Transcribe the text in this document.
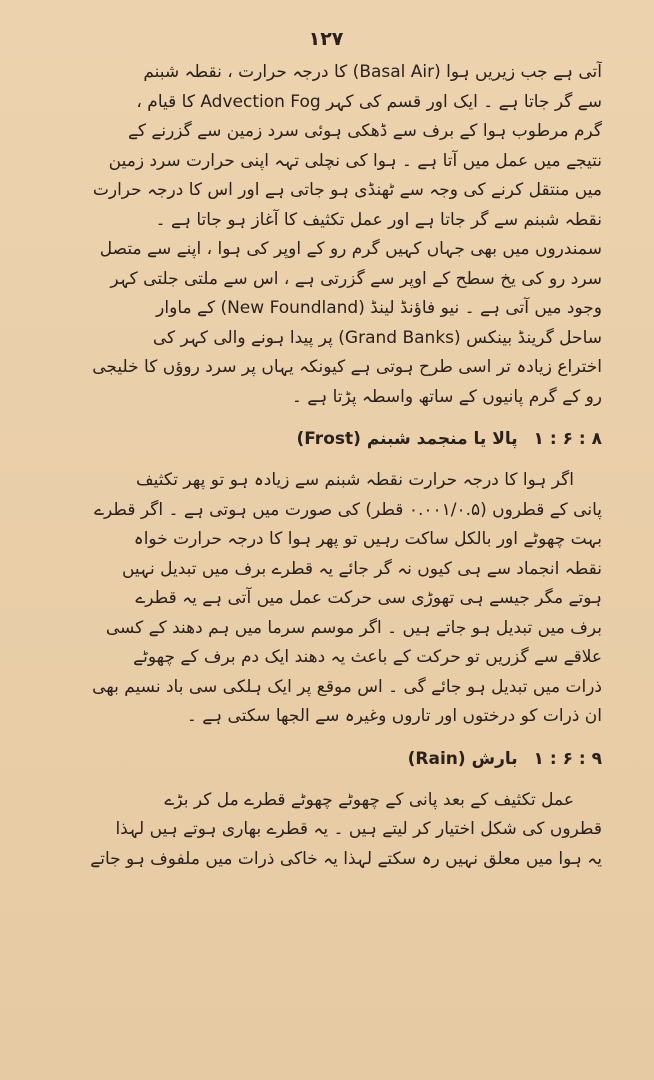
١٢٧
آتی ہے جب زیریں ہوا (Basal Air) کا درجہ حرارت ، نقطہ شبنم
سے گر جاتا ہے ۔ ایک اور قسم کی کہر Advection Fog کا قیام ،
گرم مرطوب ہوا کے برف سے ڈھکی ہوئی سرد زمین سے گزرنے کے
نتیجے میں عمل میں آتا ہے ۔ ہوا کی نچلی تہہ اپنی حرارت سرد زمین
میں منتقل کرنے کی وجہ سے ٹھنڈی ہو جاتی ہے اور اس کا درجہ حرارت
نقطہ شبنم سے گر جاتا ہے اور عمل تکثیف کا آغاز ہو جاتا ہے ۔
سمندروں میں بھی جہاں کہیں گرم رو کے اوپر کی ہوا ، اپنے سے متصل
سرد رو کی یخ سطح کے اوپر سے گزرتی ہے ، اس سے ملتی جلتی کہر
وجود میں آتی ہے ۔ نیو فاؤنڈ لینڈ (New Foundland) کے ماوار
ساحل گرینڈ بینکس (Grand Banks) پر پیدا ہونے والی کہر کی
اختراع زیادہ تر اسی طرح ہوتی ہے کیونکہ یہاں پر سرد روؤں کا خلیجی
رو کے گرم پانیوں کے ساتھ واسطہ پڑتا ہے ۔
۸ : ۶ : ۱ پالا یا منجمد شبنم (Frost)
اگر ہوا کا درجہ حرارت نقطہ شبنم سے زیادہ ہو تو پھر تکثیف
پانی کے قطروں (۰.۰۰۱/۰.۵ قطر) کی صورت میں ہوتی ہے ۔ اگر قطرے
بہت چھوٹے اور بالکل ساکت رہیں تو پھر ہوا کا درجہ حرارت خواہ
نقطہ انجماد سے ہی کیوں نہ گر جائے یہ قطرے برف میں تبدیل نہیں
ہوتے مگر جیسے ہی تھوڑی سی حرکت عمل میں آتی ہے یہ قطرے
برف میں تبدیل ہو جاتے ہیں ۔ اگر موسم سرما میں ہم دھند کے کسی
علاقے سے گزریں تو حرکت کے باعث یہ دھند ایک دم برف کے چھوٹے
ذرات میں تبدیل ہو جائے گی ۔ اس موقع پر ایک ہلکی سی باد نسیم بھی
ان ذرات کو درختوں اور تاروں وغیرہ سے الجھا سکتی ہے ۔
۹ : ۶ : ۱ بارش (Rain)
عمل تکثیف کے بعد پانی کے چھوٹے چھوٹے قطرے مل کر بڑے
قطروں کی شکل اختیار کر لیتے ہیں ۔ یہ قطرے بھاری ہوتے ہیں لہذا
یہ ہوا میں معلق نہیں رہ سکتے لہذا یہ خاکی ذرات میں ملفوف ہو جاتے
